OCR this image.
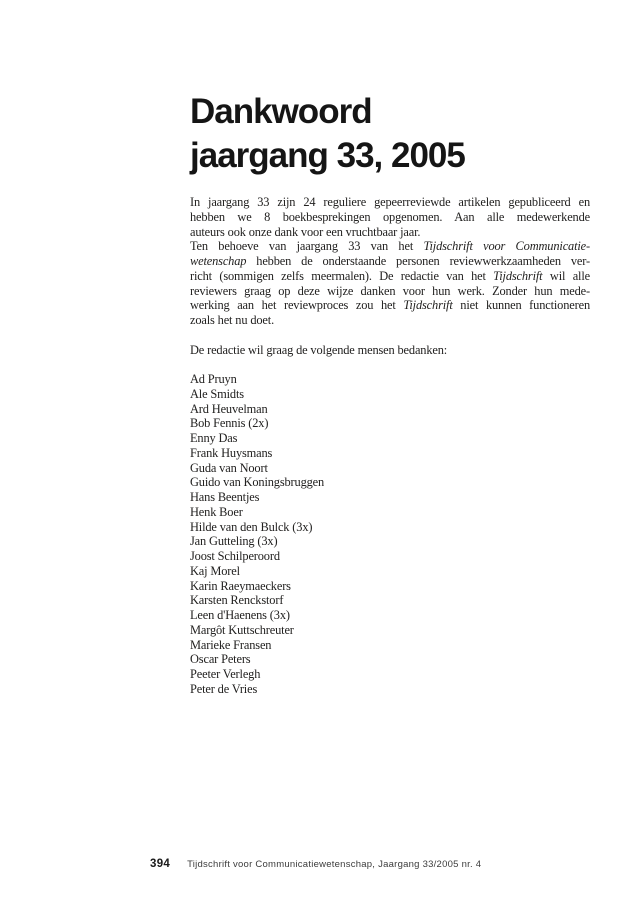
Dankwoord
jaargang 33, 2005

In jaargang 33 zijn 24 reguliere gepeerreviewde artikelen gepubliceerd en
hebben we 8 boekbesprekingen opgenomen. Aan alle medewerkende
auteurs ook onze dank voor een vruchtbaar jaar.

Ten behoeve van jaargang 33 van het Tijdschrift voor Communicatie-
wetenschap hebben de onderstaande personen reviewwerkzaamheden ver-
richt (sommigen zelfs meermalen). De redactie van het Tijdschrift wil alle
reviewers graag op deze wijze danken voor hun werk. Zonder hun mede-
werking aan het reviewproces zou het Tijdschrift niet kunnen functioneren
zoals het nu doet.

De redactie wil graag de volgende mensen bedanken:

Ad Pruyn
Ale Smidts
Ard Heuvelman
Bob Fennis (2x)
Enny Das
Frank Huysmans
Guda van Noort
Guido van Koningsbruggen
Hans Beentjes
Henk Boer
Hilde van den Bulck (3x)
Jan Gutteling (3x)
Joost Schilperoord
Kaj Morel
Karin Raeymaeckers
Karsten Renckstorf
Leen d'Haenens (3x)
Margôt Kuttschreuter
Marieke Fransen
Oscar Peters
Peeter Verlegh
Peter de Vries
394 Tijdschrift voor Communicatiewetenschap, Jaargang 33/2005 nr. 4
